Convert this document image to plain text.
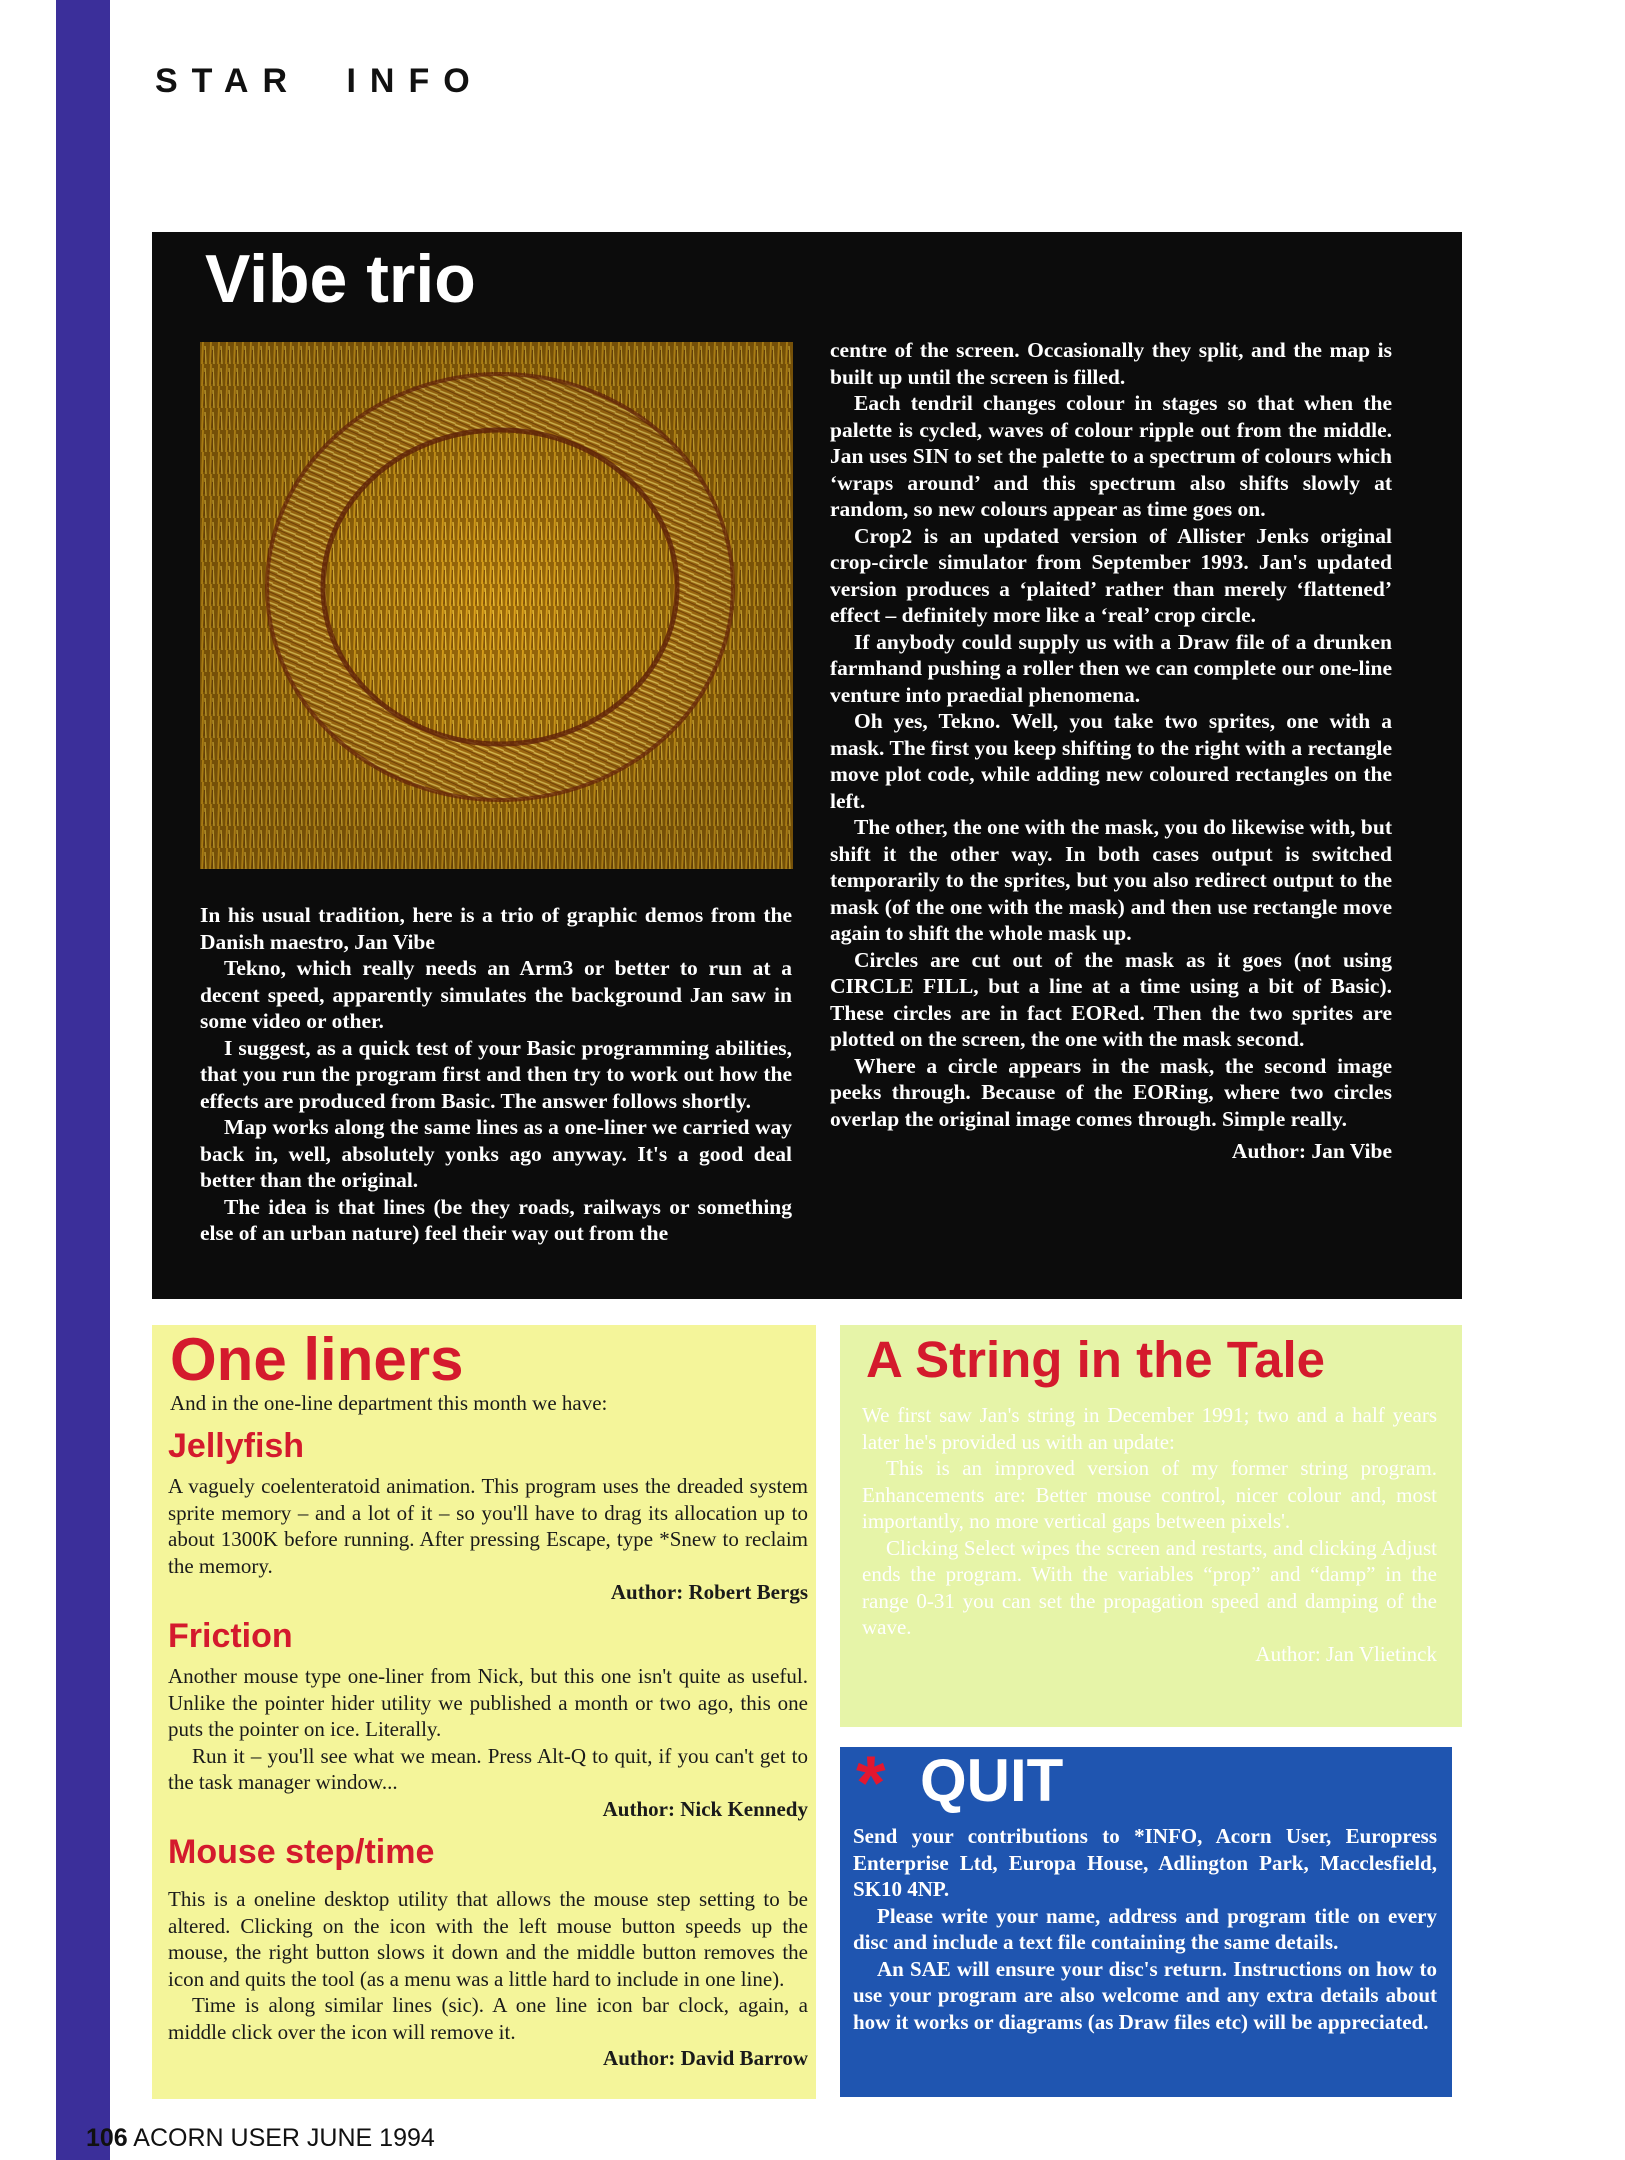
STAR INFO
Vibe trio

In his usual tradition, here is a trio of graphic demos from the Danish maestro, Jan Vibe

Tekno, which really needs an Arm3 or better to run at a decent speed, apparently simulates the background Jan saw in some video or other.

I suggest, as a quick test of your Basic programming abilities, that you run the program first and then try to work out how the effects are produced from Basic. The answer follows shortly.

Map works along the same lines as a one-liner we carried way back in, well, absolutely yonks ago anyway. It's a good deal better than the original.

The idea is that lines (be they roads, railways or something else of an urban nature) feel their way out from the

centre of the screen. Occasionally they split, and the map is built up until the screen is filled.

Each tendril changes colour in stages so that when the palette is cycled, waves of colour ripple out from the middle. Jan uses SIN to set the palette to a spectrum of colours which ‘wraps around’ and this spectrum also shifts slowly at random, so new colours appear as time goes on.

Crop2 is an updated version of Allister Jenks original crop-circle simulator from September 1993. Jan's updated version produces a ‘plaited’ rather than merely ‘flattened’ effect – definitely more like a ‘real’ crop circle.

If anybody could supply us with a Draw file of a drunken farmhand pushing a roller then we can complete our one-line venture into praedial phenomena.

Oh yes, Tekno. Well, you take two sprites, one with a mask. The first you keep shifting to the right with a rectangle move plot code, while adding new coloured rectangles on the left.

The other, the one with the mask, you do likewise with, but shift it the other way. In both cases output is switched temporarily to the sprites, but you also redirect output to the mask (of the one with the mask) and then use rectangle move again to shift the whole mask up.

Circles are cut out of the mask as it goes (not using CIRCLE FILL, but a line at a time using a bit of Basic). These circles are in fact EORed. Then the two sprites are plotted on the screen, the one with the mask second.

Where a circle appears in the mask, the second image peeks through. Because of the EORing, where two circles overlap the original image comes through. Simple really.

Author: Jan Vibe

One liners
And in the one-line department this month we have:
Jellyfish

A vaguely coelenteratoid animation. This program uses the dreaded system sprite memory – and a lot of it – so you'll have to drag its allocation up to about 1300K before running. After pressing Escape, type *Snew to reclaim the memory.

Author: Robert Bergs

Friction

Another mouse type one-liner from Nick, but this one isn't quite as useful. Unlike the pointer hider utility we published a month or two ago, this one puts the pointer on ice. Literally.

Run it – you'll see what we mean. Press Alt-Q to quit, if you can't get to the task manager window...

Author: Nick Kennedy

Mouse step/time

This is a oneline desktop utility that allows the mouse step setting to be altered. Clicking on the icon with the left mouse button speeds up the mouse, the right button slows it down and the middle button removes the icon and quits the tool (as a menu was a little hard to include in one line).

Time is along similar lines (sic). A one line icon bar clock, again, a middle click over the icon will remove it.

Author: David Barrow

A String in the Tale

We first saw Jan's string in December 1991; two and a half years later he's provided us with an update:

This is an improved version of my former string program. Enhancements are: Better mouse control, nicer colour and, most importantly, no more vertical gaps between pixels'.

Clicking Select wipes the screen and restarts, and clicking Adjust ends the program. With the variables “prop” and “damp” in the range 0-31 you can set the propagation speed and damping of the wave.

Author: Jan Vlietinck

* QUIT

Send your contributions to *INFO, Acorn User, Europress Enterprise Ltd, Europa House, Adlington Park, Macclesfield, SK10 4NP.

Please write your name, address and program title on every disc and include a text file containing the same details.

An SAE will ensure your disc's return. Instructions on how to use your program are also welcome and any extra details about how it works or diagrams (as Draw files etc) will be appreciated.

106 ACORN USER JUNE 1994
